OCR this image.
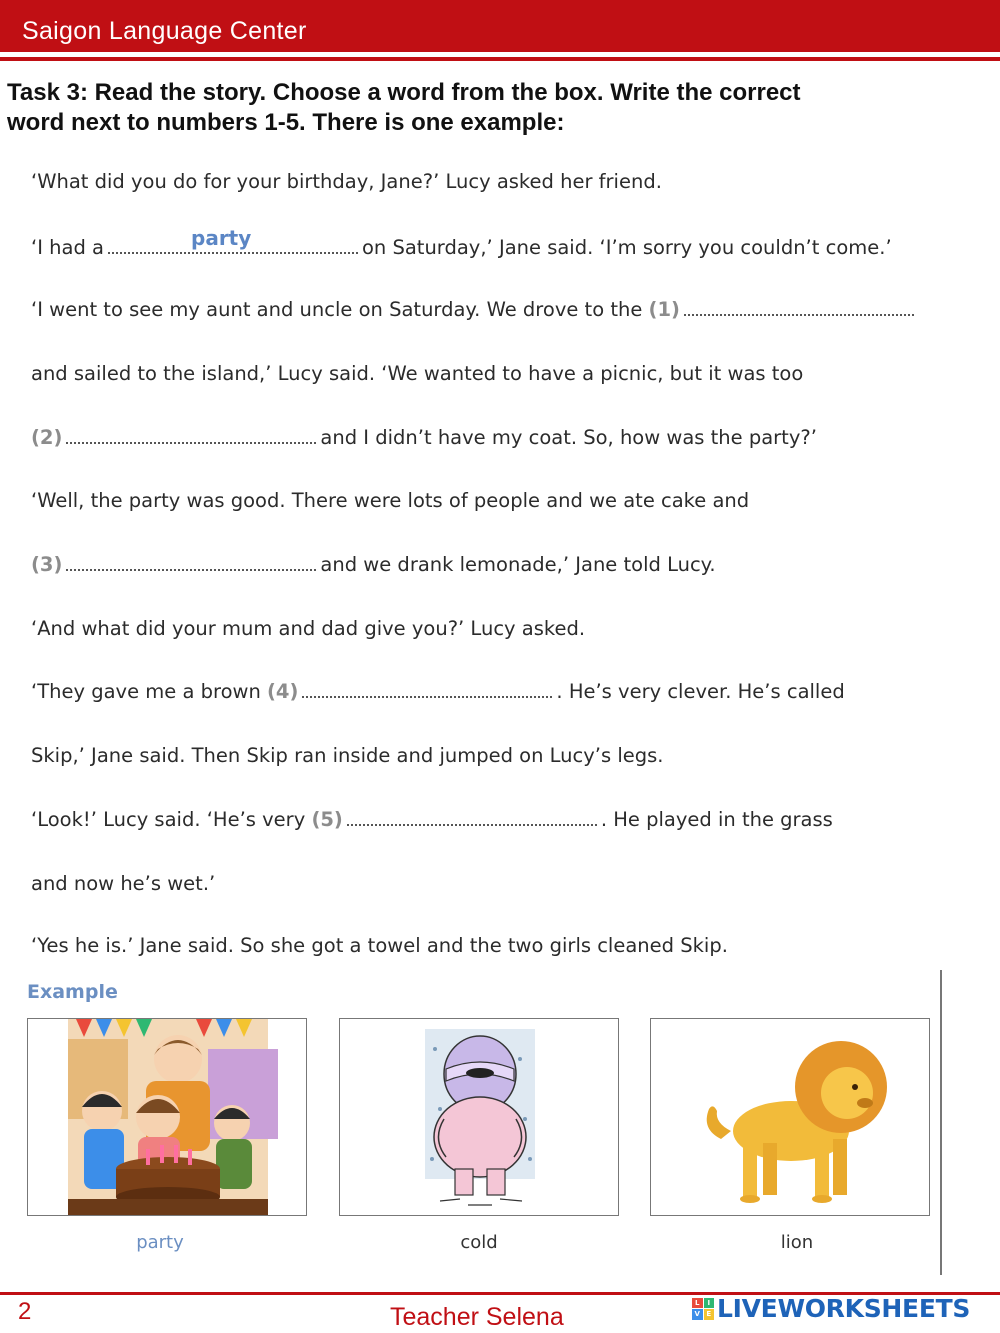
Saigon Language Center
Task 3: Read the story. Choose a word from the box. Write the correct
word next to numbers 1-5. There is one example:
‘What did you do for your birthday, Jane?’ Lucy asked her friend.
‘I had a	on Saturday,’ Jane said. ‘I’m sorry you couldn’t come.’
party
‘I went to see my aunt and uncle on Saturday. We drove to the (1)
and sailed to the island,’ Lucy said. ‘We wanted to have a picnic, but it was too
(2)	and I didn’t have my coat. So, how was the party?’
‘Well, the party was good. There were lots of people and we ate cake and
(3)	and we drank lemonade,’ Jane told Lucy.
‘And what did your mum and dad give you?’ Lucy asked.
‘They gave me a brown (4)	. He’s very clever. He’s called
Skip,’ Jane said. Then Skip ran inside and jumped on Lucy’s legs.
‘Look!’ Lucy said. ‘He’s very (5)	. He played in the grass
and now he’s wet.’
‘Yes he is.’ Jane said. So she got a towel and the two girls cleaned Skip.
Example
party	cold	lion
2	Teacher Selena
L	I
V E LIVEWORKSHEETS
